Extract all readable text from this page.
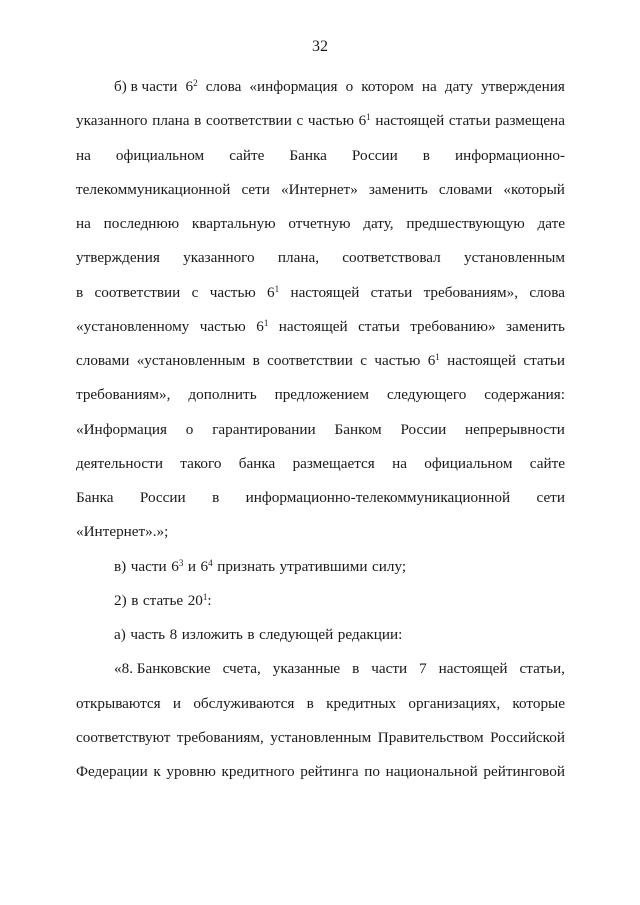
32
б) в части $6^2$ слова «информация о котором на дату утверждения
указанного плана в соответствии с частью $6^1$ настоящей статьи размещена
на официальном сайте Банка России в информационно-
телекоммуникационной сети «Интернет» заменить словами «который
на последнюю квартальную отчетную дату, предшествующую дате
утверждения указанного плана, соответствовал установленным
в соответствии с частью $6^1$ настоящей статьи требованиям», слова
«установленному частью $6^1$ настоящей статьи требованию» заменить
словами «установленным в соответствии с частью $6^1$ настоящей статьи
требованиям», дополнить предложением следующего содержания:
«Информация о гарантировании Банком России непрерывности
деятельности такого банка размещается на официальном сайте
Банка России в информационно-телекоммуникационной сети
«Интернет».»;
в) части $6^3$ и $6^4$ признать утратившими силу;
2) в статье $20^1$:
а) часть 8 изложить в следующей редакции:
«8. Банковские счета, указанные в части 7 настоящей статьи,
открываются и обслуживаются в кредитных организациях, которые
соответствуют требованиям, установленным Правительством Российской
Федерации к уровню кредитного рейтинга по национальной рейтинговой
